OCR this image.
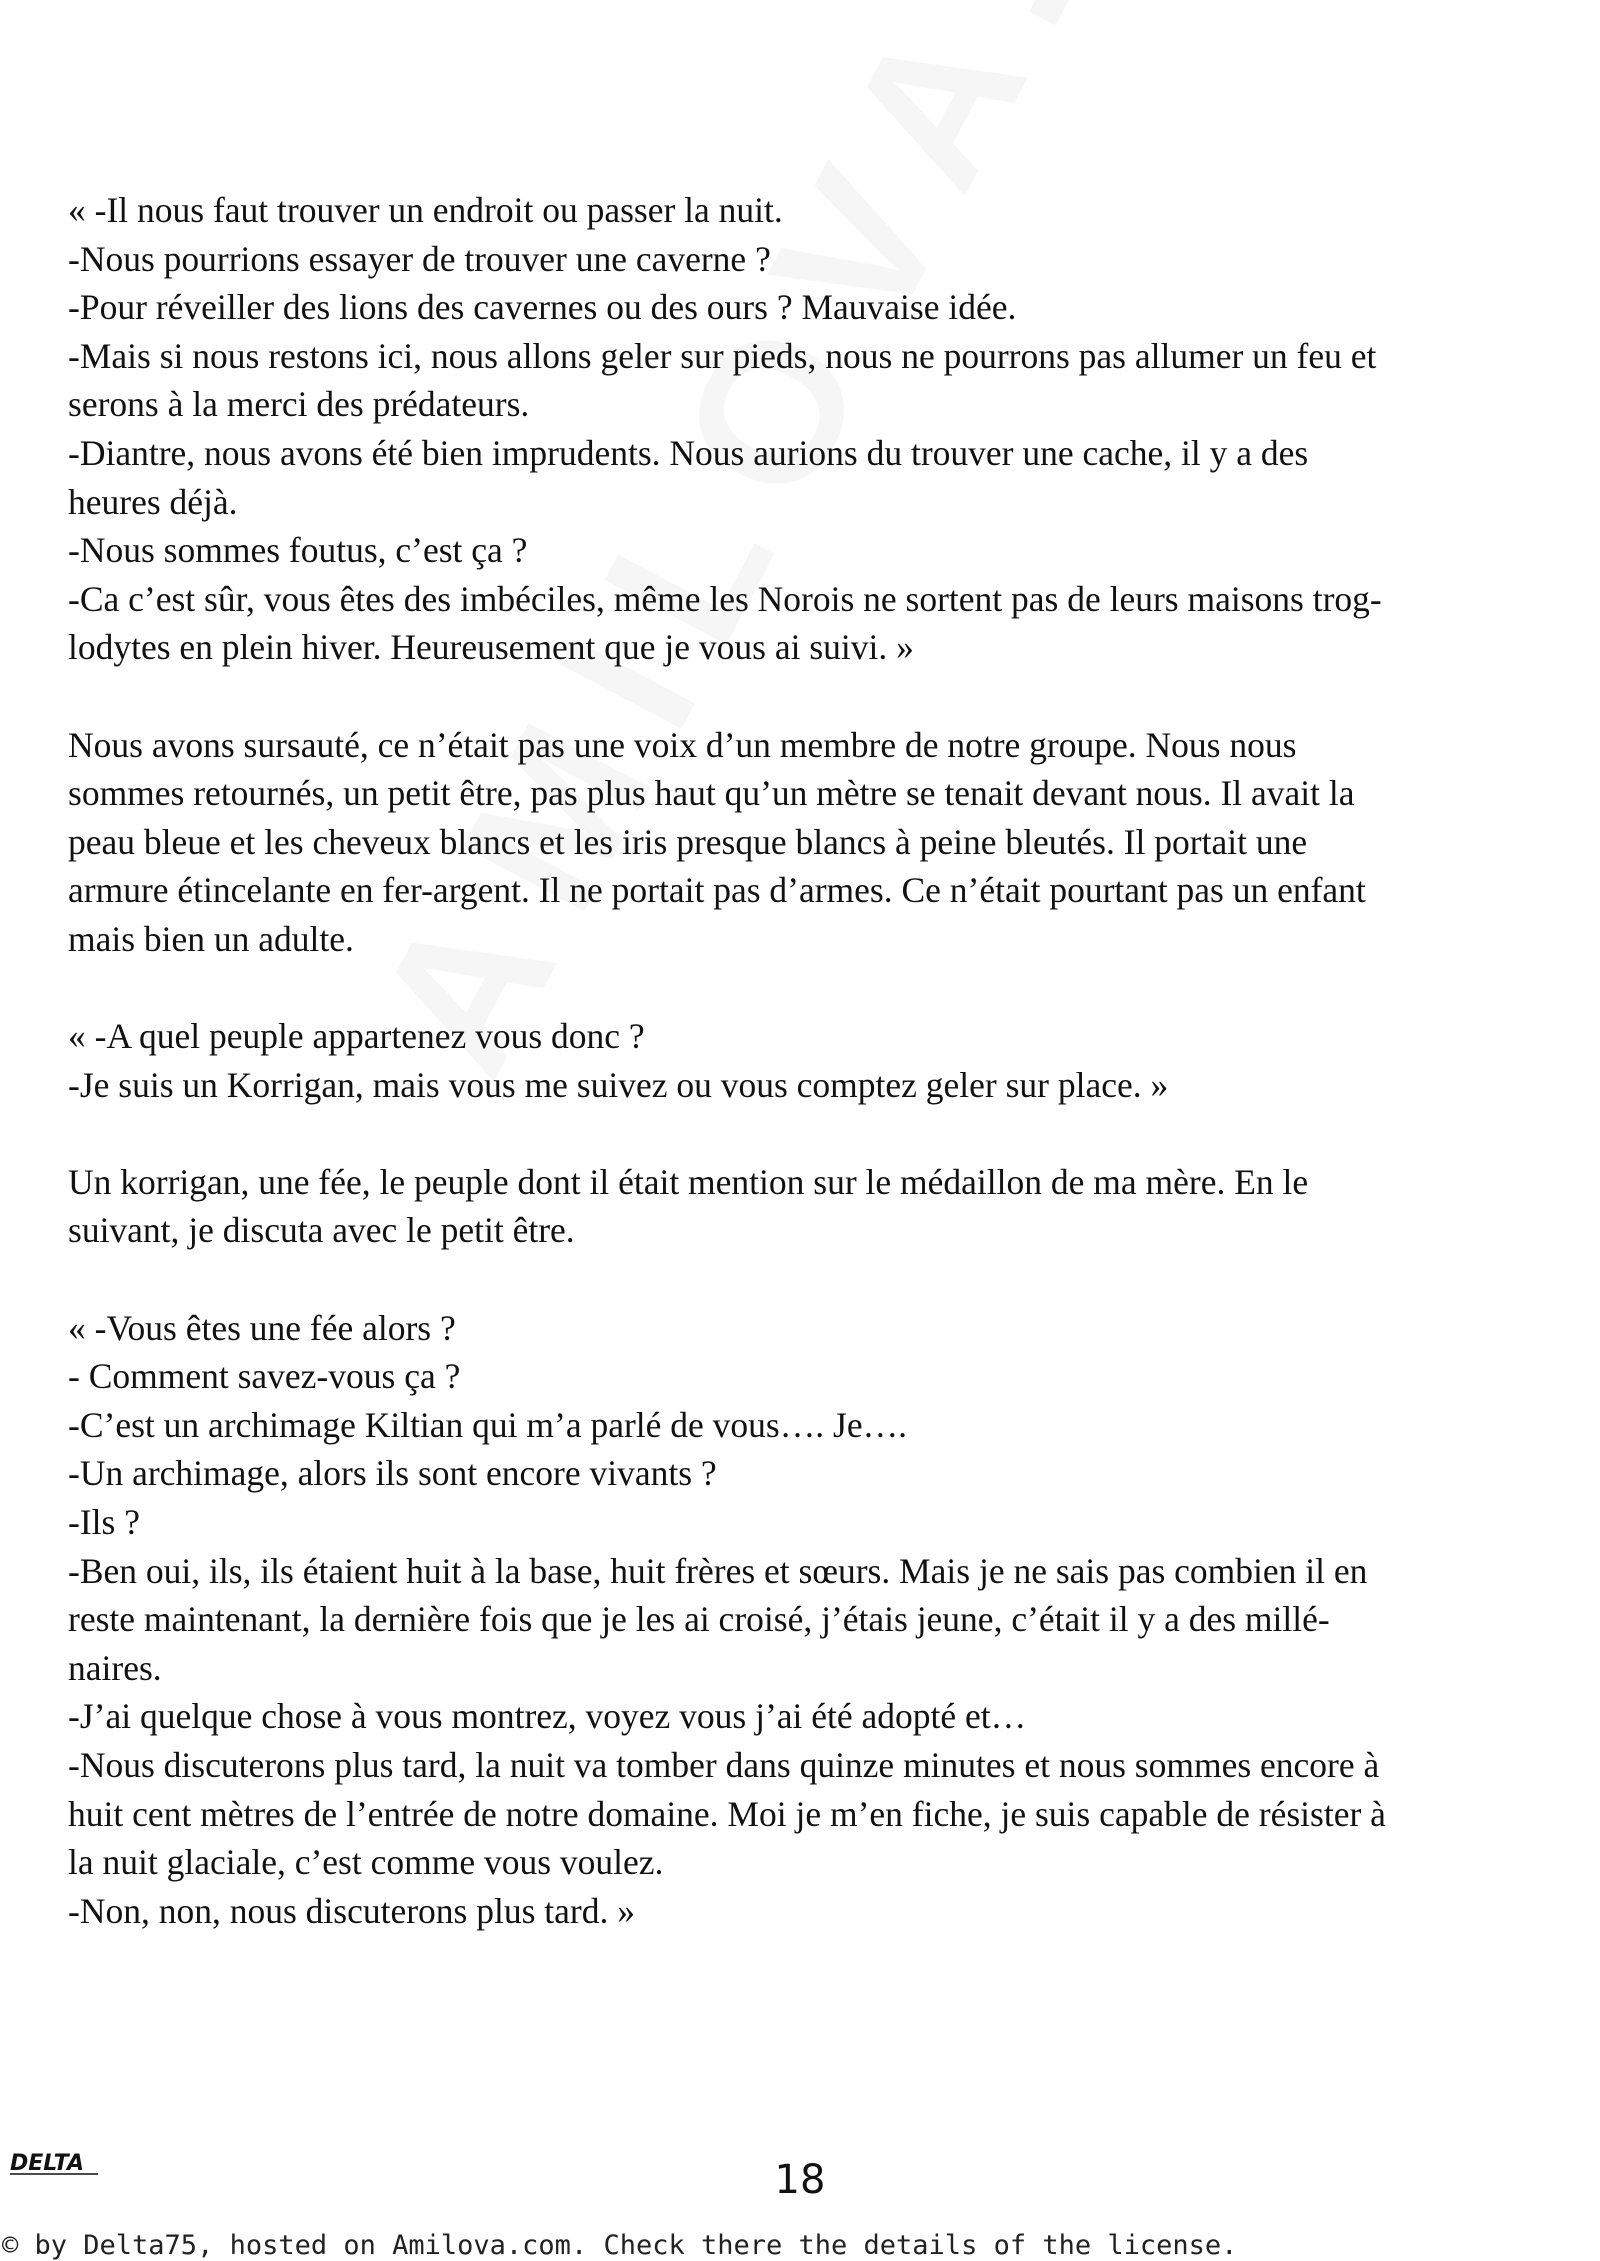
« -Il nous faut trouver un endroit ou passer la nuit.
-Nous pourrions essayer de trouver une caverne ?
-Pour réveiller des lions des cavernes ou des ours ? Mauvaise idée.
-Mais si nous restons ici, nous allons geler sur pieds, nous ne pourrons pas allumer un feu et
serons à la merci des prédateurs.
-Diantre, nous avons été bien imprudents. Nous aurions du trouver une cache, il y a des
heures déjà.
-Nous sommes foutus, c’est ça ?
-Ca c’est sûr, vous êtes des imbéciles, même les Norois ne sortent pas de leurs maisons trog-
lodytes en plein hiver. Heureusement que je vous ai suivi. »
Nous avons sursauté, ce n’était pas une voix d’un membre de notre groupe. Nous nous
sommes retournés, un petit être, pas plus haut qu’un mètre se tenait devant nous. Il avait la
peau bleue et les cheveux blancs et les iris presque blancs à peine bleutés. Il portait une
armure étincelante en fer-argent. Il ne portait pas d’armes. Ce n’était pourtant pas un enfant
mais bien un adulte.
« -A quel peuple appartenez vous donc ?
-Je suis un Korrigan, mais vous me suivez ou vous comptez geler sur place. »
Un korrigan, une fée, le peuple dont il était mention sur le médaillon de ma mère. En le
suivant, je discuta avec le petit être.
« -Vous êtes une fée alors ?
- Comment savez-vous ça ?
-C’est un archimage Kiltian qui m’a parlé de vous…. Je….
-Un archimage, alors ils sont encore vivants ?
-Ils ?
-Ben oui, ils, ils étaient huit à la base, huit frères et sœurs. Mais je ne sais pas combien il en
reste maintenant, la dernière fois que je les ai croisé, j’étais jeune, c’était il y a des millé-
naires.
-J’ai quelque chose à vous montrez, voyez vous j’ai été adopté et…
-Nous discuterons plus tard, la nuit va tomber dans quinze minutes et nous sommes encore à
huit cent mètres de l’entrée de notre domaine. Moi je m’en fiche, je suis capable de résister à
la nuit glaciale, c’est comme vous voulez.
-Non, non, nous discuterons plus tard. »
DELTA	18
© by Delta75, hosted on Amilova.com. Check there the details of the license.
